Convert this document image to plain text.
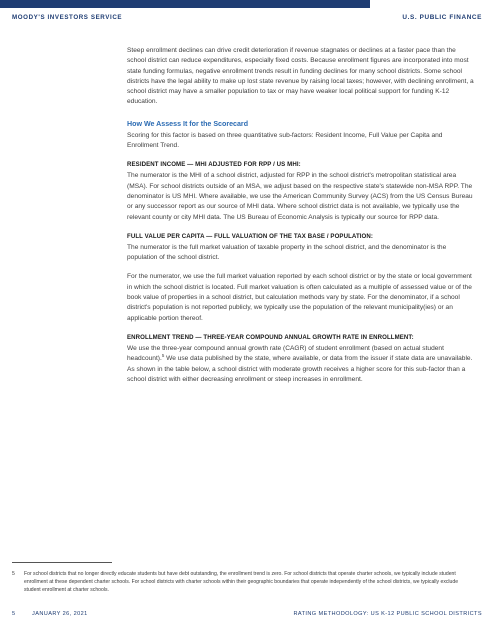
MOODY'S INVESTORS SERVICE	U.S. PUBLIC FINANCE

Steep enrollment declines can drive credit deterioration if revenue stagnates or declines at a faster pace than the school district can reduce expenditures, especially fixed costs. Because enrollment figures are incorporated into most state funding formulas, negative enrollment trends result in funding declines for many school districts. Some school districts have the legal ability to make up lost state revenue by raising local taxes; however, with declining enrollment, a school district may have a smaller population to tax or may have weaker local political support for funding K-12 education.

How We Assess It for the Scorecard

Scoring for this factor is based on three quantitative sub-factors: Resident Income, Full Value per Capita and Enrollment Trend.

RESIDENT INCOME — MHI ADJUSTED FOR RPP / US MHI:

The numerator is the MHI of a school district, adjusted for RPP in the school district's metropolitan statistical area (MSA). For school districts outside of an MSA, we adjust based on the respective state's statewide non-MSA RPP. The denominator is US MHI. Where available, we use the American Community Survey (ACS) from the US Census Bureau or any successor report as our source of MHI data. Where school district data is not available, we typically use the relevant county or city MHI data. The US Bureau of Economic Analysis is typically our source for RPP data.

FULL VALUE PER CAPITA — FULL VALUATION OF THE TAX BASE / POPULATION:

The numerator is the full market valuation of taxable property in the school district, and the denominator is the population of the school district.

For the numerator, we use the full market valuation reported by each school district or by the state or local government in which the school district is located. Full market valuation is often calculated as a multiple of assessed value or of the book value of properties in a school district, but calculation methods vary by state. For the denominator, if a school district's population is not reported publicly, we typically use the population of the relevant municipality(ies) or an applicable portion thereof.

ENROLLMENT TREND — THREE-YEAR COMPOUND ANNUAL GROWTH RATE IN ENROLLMENT:

We use the three-year compound annual growth rate (CAGR) of student enrollment (based on actual student headcount).$^5$ We use data published by the state, where available, or data from the issuer if state data are unavailable. As shown in the table below, a school district with moderate growth receives a higher score for this sub-factor than a school district with either decreasing enrollment or steep increases in enrollment.

5 For school districts that no longer directly educate students but have debt outstanding, the enrollment trend is zero. For school districts that operate charter schools, we typically include student enrollment at these dependent charter schools. For school districts with charter schools within their geographic boundaries that operate independently of the school districts, we typically exclude student enrollment at charter schools.
5	JANUARY 26, 2021	RATING METHODOLOGY: US K-12 PUBLIC SCHOOL DISTRICTS
